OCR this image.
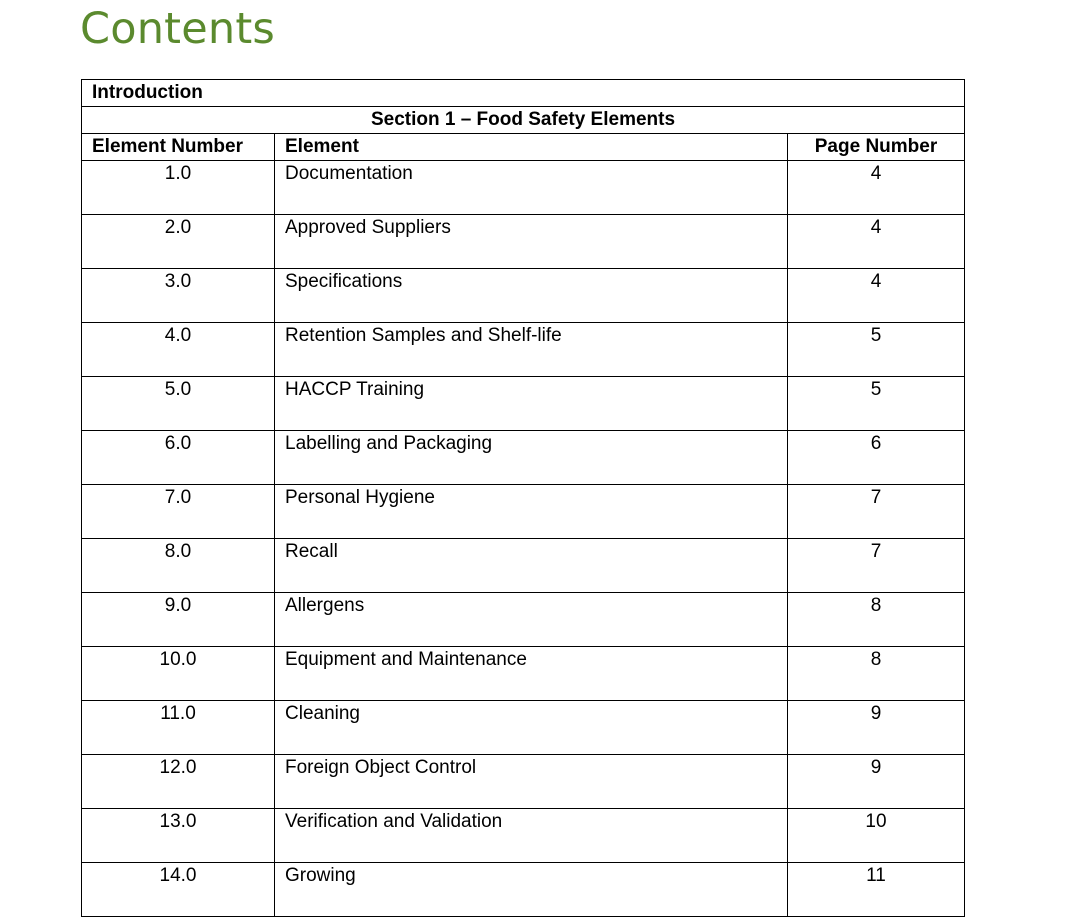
Contents
Introduction		
Section 1 – Food Safety Elements		
Element Number	Element	Page Number
1.0	Documentation	4
2.0	Approved Suppliers	4
3.0	Specifications	4
4.0	Retention Samples and Shelf-life	5
5.0	HACCP Training	5
6.0	Labelling and Packaging	6
7.0	Personal Hygiene	7
8.0	Recall	7
9.0	Allergens	8
10.0	Equipment and Maintenance	8
11.0	Cleaning	9
12.0	Foreign Object Control	9
13.0	Verification and Validation	10
14.0	Growing	11
